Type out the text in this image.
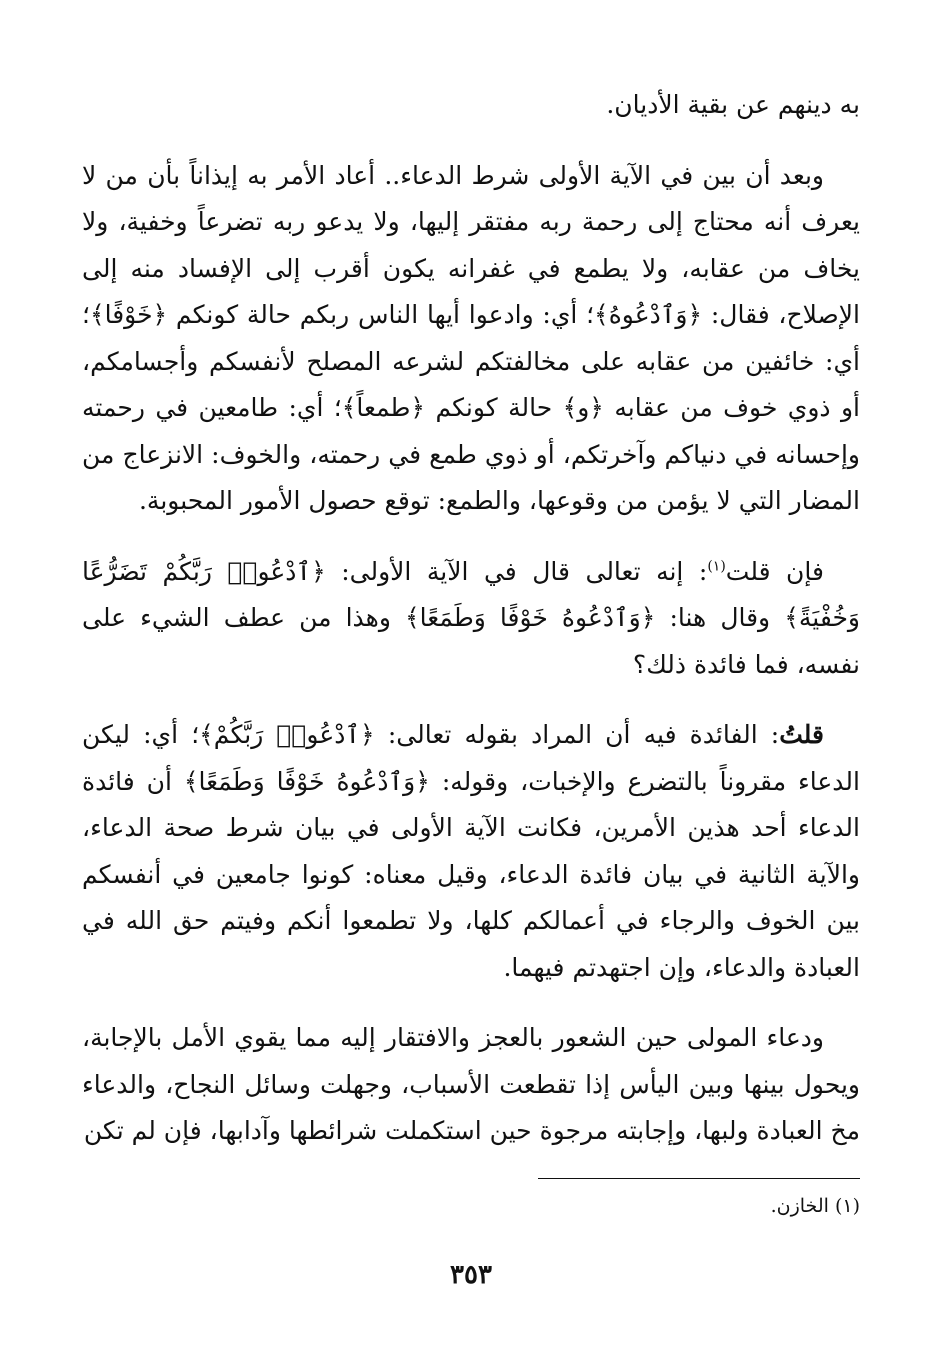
به دينهم عن بقية الأديان.

وبعد أن بين في الآية الأولى شرط الدعاء.. أعاد الأمر به إيذاناً بأن من لا يعرف أنه محتاج إلى رحمة ربه مفتقر إليها، ولا يدعو ربه تضرعاً وخفية، ولا يخاف من عقابه، ولا يطمع في غفرانه يكون أقرب إلى الإفساد منه إلى الإصلاح، فقال: ﴿وَٱدْعُوهُ﴾؛ أي: وادعوا أيها الناس ربكم حالة كونكم ﴿خَوْفًا﴾؛ أي: خائفين من عقابه على مخالفتكم لشرعه المصلح لأنفسكم وأجسامكم، أو ذوي خوف من عقابه ﴿و﴾ حالة كونكم ﴿طمعاً﴾؛ أي: طامعين في رحمته وإحسانه في دنياكم وآخرتكم، أو ذوي طمع في رحمته، والخوف: الانزعاج من المضار التي لا يؤمن من وقوعها، والطمع: توقع حصول الأمور المحبوبة.

فإن قلت$^{(١)}$: إنه تعالى قال في الآية الأولى: ﴿ٱدْعُوا۟ رَبَّكُمْ تَضَرُّعًا وَخُفْيَةً﴾ وقال هنا: ﴿وَٱدْعُوهُ خَوْفًا وَطَمَعًا﴾ وهذا من عطف الشيء على نفسه، فما فائدة ذلك؟

قلتُ: الفائدة فيه أن المراد بقوله تعالى: ﴿ٱدْعُوا۟ رَبَّكُمْ﴾؛ أي: ليكن الدعاء مقروناً بالتضرع والإخبات، وقوله: ﴿وَٱدْعُوهُ خَوْفًا وَطَمَعًا﴾ أن فائدة الدعاء أحد هذين الأمرين، فكانت الآية الأولى في بيان شرط صحة الدعاء، والآية الثانية في بيان فائدة الدعاء، وقيل معناه: كونوا جامعين في أنفسكم بين الخوف والرجاء في أعمالكم كلها، ولا تطمعوا أنكم وفيتم حق الله في العبادة والدعاء، وإن اجتهدتم فيهما.

ودعاء المولى حين الشعور بالعجز والافتقار إليه مما يقوي الأمل بالإجابة، ويحول بينها وبين اليأس إذا تقطعت الأسباب، وجهلت وسائل النجاح، والدعاء مخ العبادة ولبها، وإجابته مرجوة حين استكملت شرائطها وآدابها، فإن لم تكن

(١) الخازن.
٣٥٣
